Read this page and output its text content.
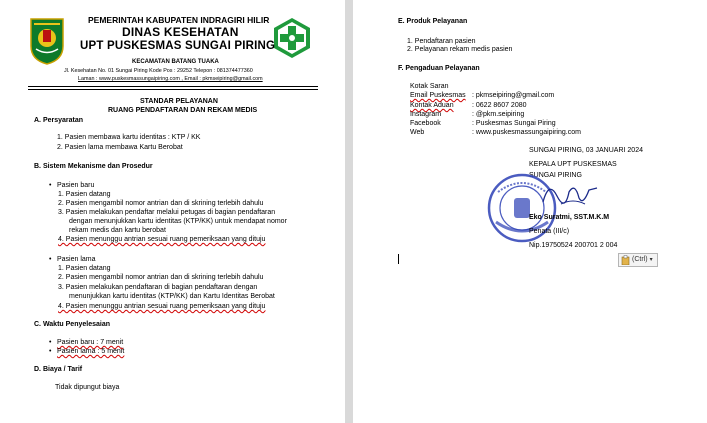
PEMERINTAH KABUPATEN INDRAGIRI HILIR
DINAS KESEHATAN
UPT PUSKESMAS SUNGAI PIRING
KECAMATAN BATANG TUAKA
Jl. Kesehatan No. 01 Sungai Piring Kode Pos : 29252 Telepon : 081374477360
Laman : www.puskesmassungaipiring.com , Email : pkmseipiring@gmail.com
STANDAR PELAYANAN
RUANG PENDAFTARAN DAN REKAM MEDIS
A. Persyaratan
1. Pasien membawa kartu identitas : KTP / KK
2. Pasien lama membawa Kartu Berobat
B. Sistem Mekanisme dan Prosedur
• Pasien baru
1. Pasien datang
2. Pasien mengambil nomor antrian dan di skrining terlebih dahulu
3. Pasien melakukan pendaftar melalui petugas di bagian pendaftaran
dengan menunjukkan kartu identitas (KTP/KK) untuk mendapat nomor
rekam medis dan kartu berobat
4. Pasien menunggu antrian sesuai ruang pemeriksaan yang dituju
• Pasien lama
1. Pasien datang
2. Pasien mengambil nomor antrian dan di skrining terlebih dahulu
3. Pasien melakukan pendaftaran di bagian pendaftaran dengan
menunjukkan kartu identitas (KTP/KK) dan Kartu Identitas Berobat
4. Pasien menunggu antrian sesuai ruang pemeriksaan yang dituju
C. Waktu Penyelesaian
• Pasien baru : 7 menit
• Pasien lama : 5 menit
D. Biaya / Tarif
Tidak dipungut biaya
E. Produk Pelayanan
1. Pendaftaran pasien
2. Pelayanan rekam medis pasien
F. Pengaduan Pelayanan
Kotak Saran
Email Puskesmas : pkmseipiring@gmail.com
Kontak Aduan	: 0622 8607 2080
Instagram	: @pkm.seipiring
Facebook	: Puskesmas Sungai Piring
Web	: www.puskesmassungaipiring.com
SUNGAI PIRING, 03 JANUARI 2024
KEPALA UPT PUSKESMAS
SUNGAI PIRING
Eko Suratmi, SST.M.K.M
Penata (III/c)
Nip.19750524 200701 2 004
(Ctrl) ▾
